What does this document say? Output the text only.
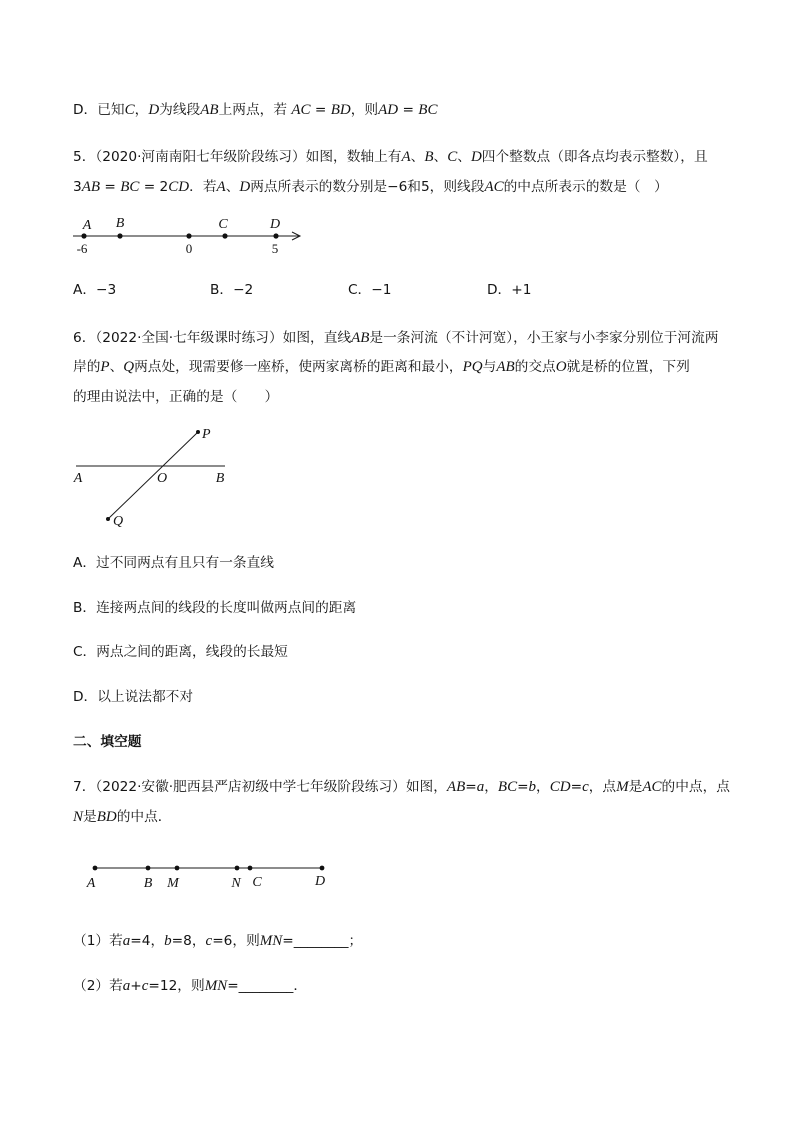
D．已知C，D为线段AB上两点，若 AC = BD，则AD = BC
5．（2020·河南南阳七年级阶段练习）如图，数轴上有A、B、C、D四个整数点（即各点均表示整数），且
3AB = BC = 2CD．若A、D两点所表示的数分别是−6和5，则线段AC的中点所表示的数是（　）
A B	C	D
-6	0	5
A．−3	B．−2	C．−1	D．+1
6．（2022·全国·七年级课时练习）如图，直线AB是一条河流（不计河宽），小王家与小李家分别位于河流两
岸的P、Q两点处，现需要修一座桥，使两家离桥的距离和最小，PQ与AB的交点O就是桥的位置，下列
的理由说法中，正确的是（　　）
P
A	O	B
Q
A．过不同两点有且只有一条直线
B．连接两点间的线段的长度叫做两点间的距离
C．两点之间的距离，线段的长最短
D．以上说法都不对
二、填空题
7．（2022·安徽·肥西县严店初级中学七年级阶段练习）如图，AB=a，BC=b，CD=c，点M是AC的中点，点
N是BD的中点．
A	B M	N C	D
（1）若a=4，b=8，c=6，则MN=________；
（2）若a+c=12，则MN=________．
